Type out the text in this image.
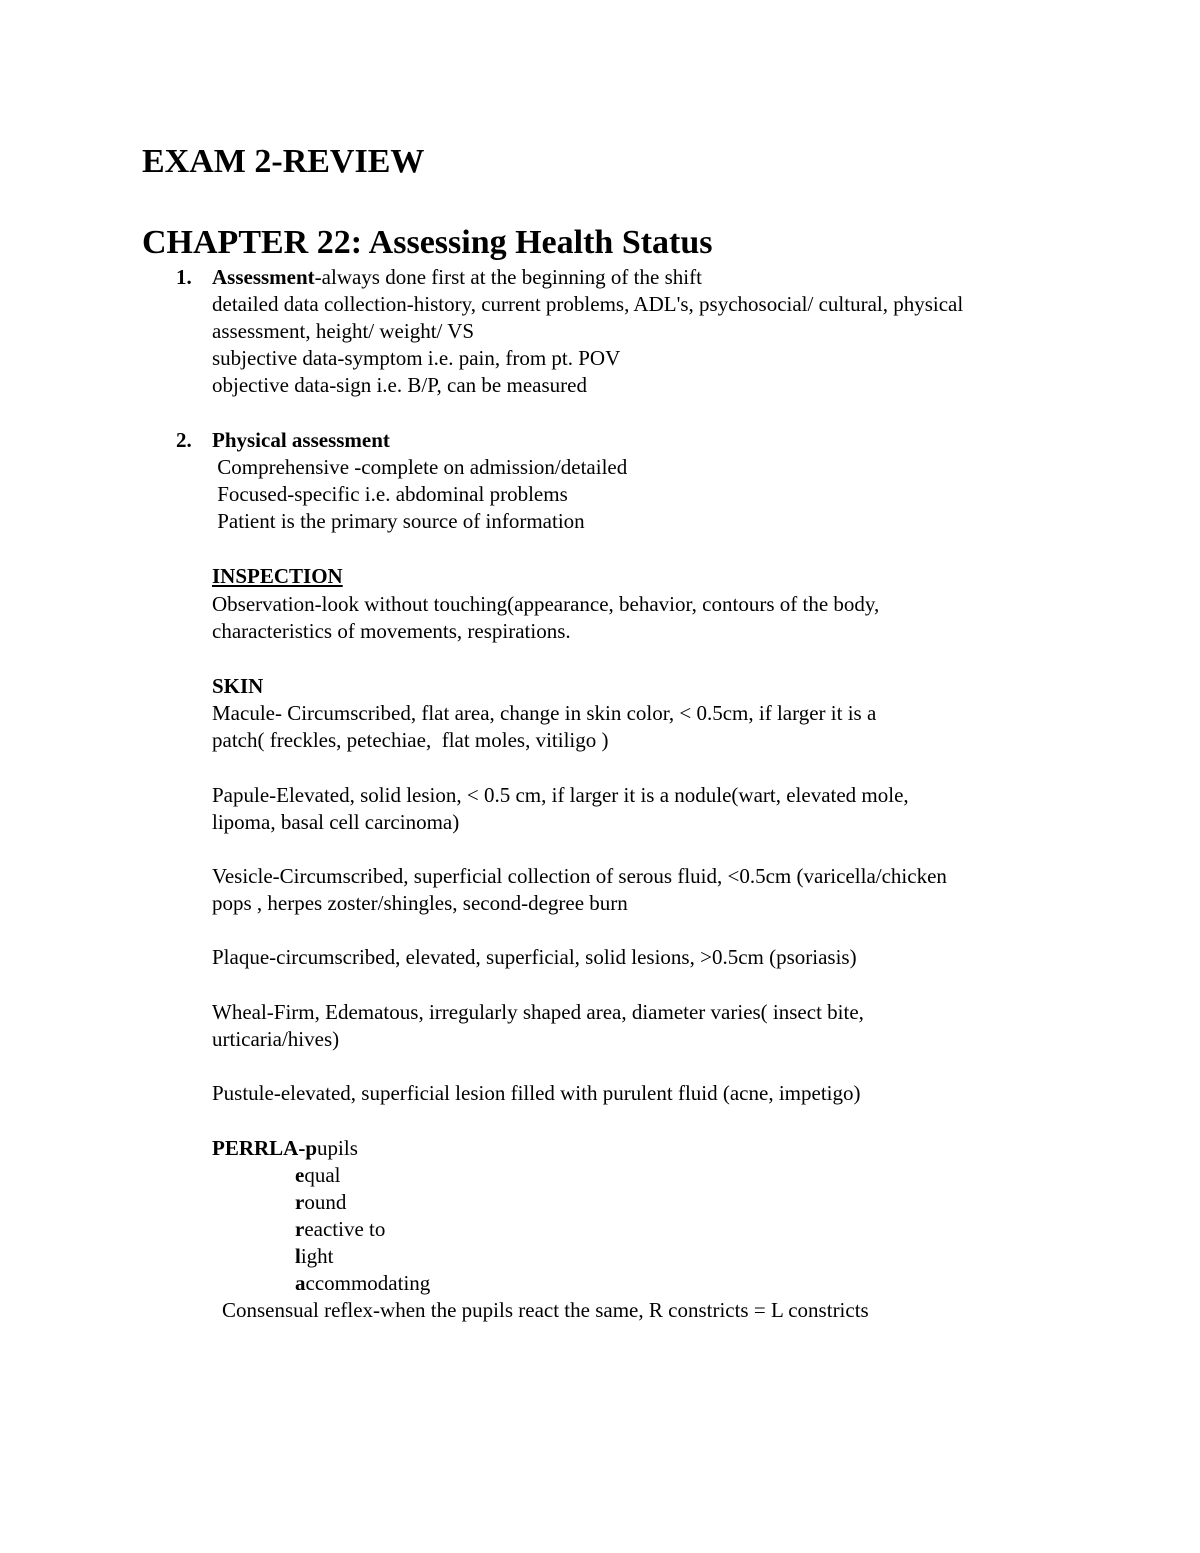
EXAM 2-REVIEW
CHAPTER 22: Assessing Health Status
1. Assessment-always done first at the beginning of the shift
detailed data collection-history, current problems, ADL's, psychosocial/ cultural, physical
assessment, height/ weight/ VS
subjective data-symptom i.e. pain, from pt. POV
objective data-sign i.e. B/P, can be measured
2. Physical assessment
Comprehensive -complete on admission/detailed
Focused-specific i.e. abdominal problems
Patient is the primary source of information
INSPECTION
Observation-look without touching(appearance, behavior, contours of the body,
characteristics of movements, respirations.
SKIN
Macule- Circumscribed, flat area, change in skin color, < 0.5cm, if larger it is a
patch( freckles, petechiae,  flat moles, vitiligo )
Papule-Elevated, solid lesion, < 0.5 cm, if larger it is a nodule(wart, elevated mole,
lipoma, basal cell carcinoma)
Vesicle-Circumscribed, superficial collection of serous fluid, <0.5cm (varicella/chicken
pops , herpes zoster/shingles, second-degree burn
Plaque-circumscribed, elevated, superficial, solid lesions, >0.5cm (psoriasis)
Wheal-Firm, Edematous, irregularly shaped area, diameter varies( insect bite,
urticaria/hives)
Pustule-elevated, superficial lesion filled with purulent fluid (acne, impetigo)
PERRLA-pupils
equal
round
reactive to
light
accommodating
Consensual reflex-when the pupils react the same, R constricts = L constricts
